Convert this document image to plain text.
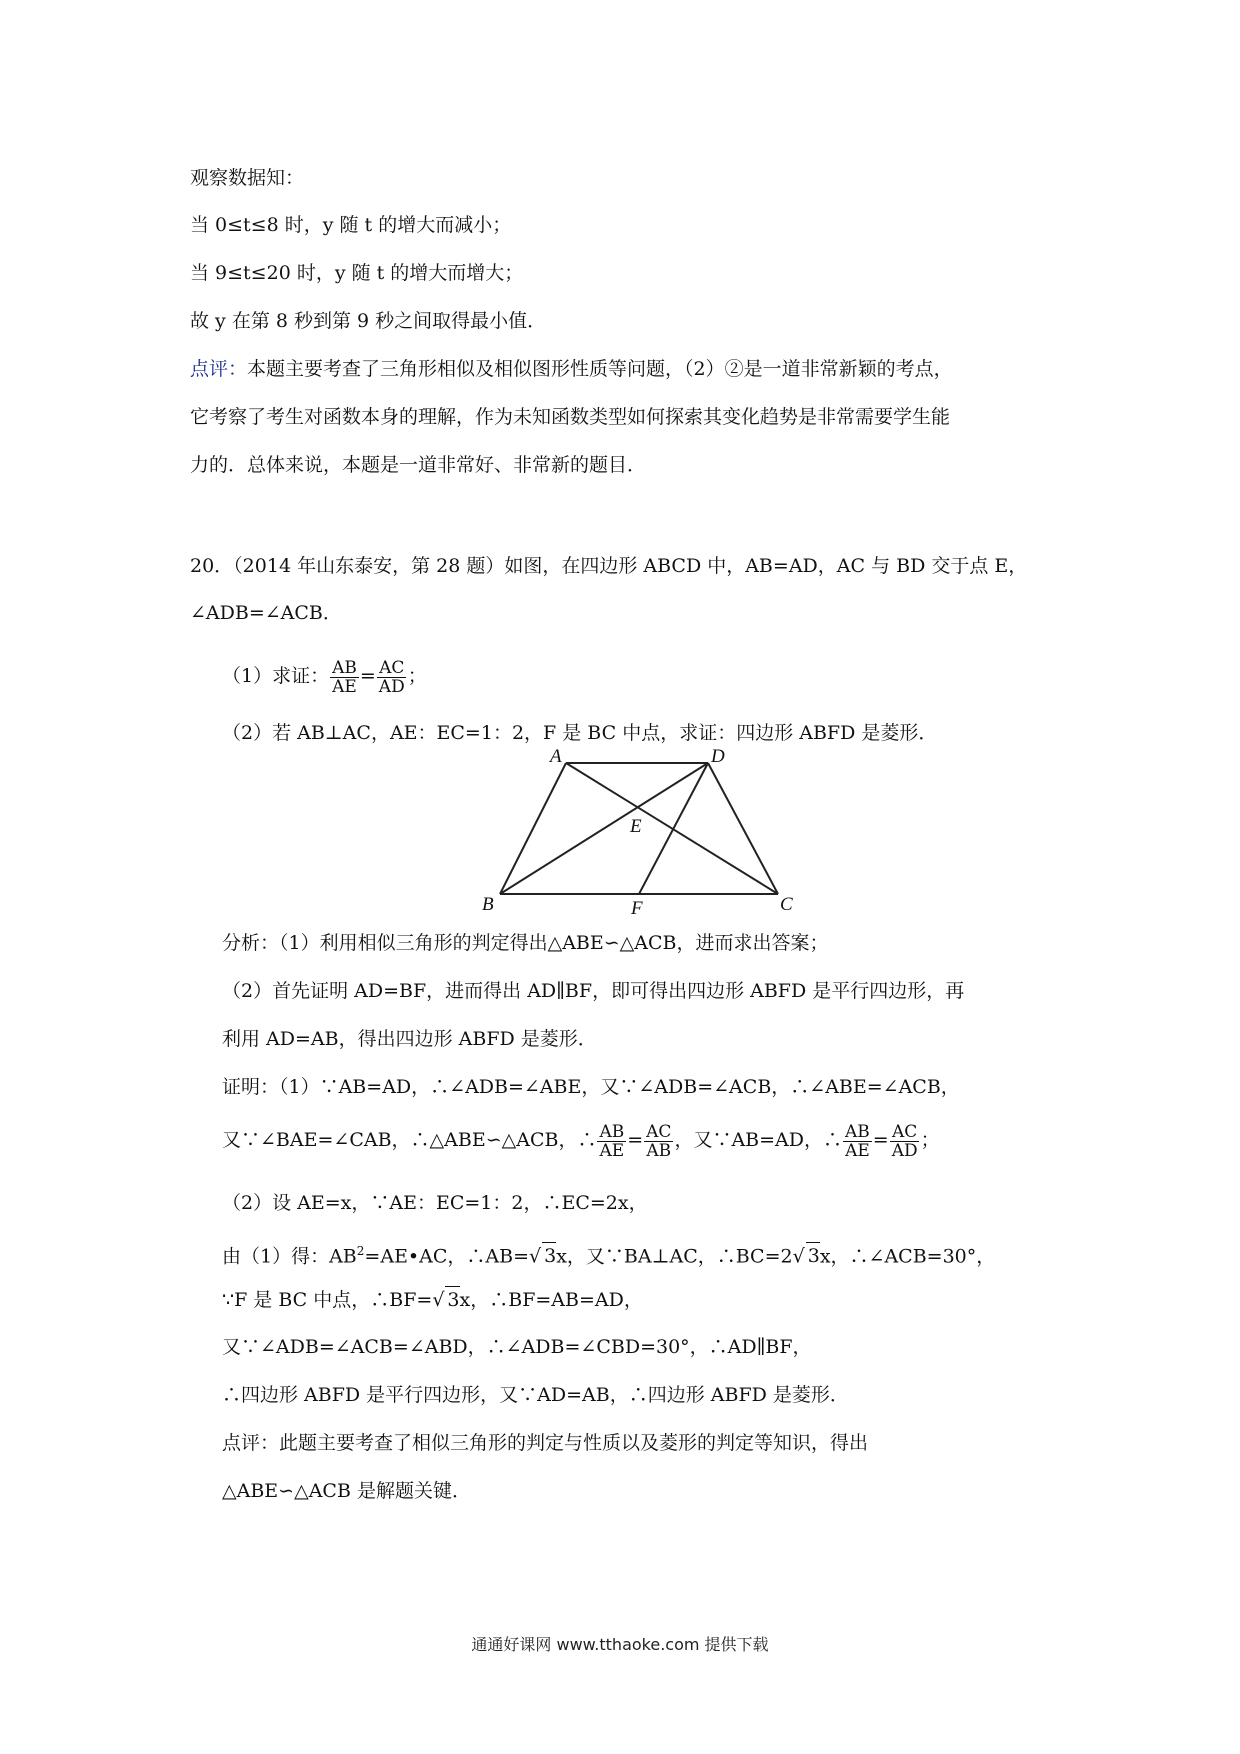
观察数据知：
当 0≤t≤8 时，y 随 t 的增大而减小；
当 9≤t≤20 时，y 随 t 的增大而增大；
故 y 在第 8 秒到第 9 秒之间取得最小值．
点评：本题主要考查了三角形相似及相似图形性质等问题，（2）②是一道非常新颖的考点，
它考察了考生对函数本身的理解，作为未知函数类型如何探索其变化趋势是非常需要学生能
力的．总体来说，本题是一道非常好、非常新的题目．
20．（2014 年山东泰安，第 28 题）如图，在四边形 ABCD 中，AB=AD，AC 与 BD 交于点 E，
∠ADB=∠ACB．
（1）求证： $\frac{AB}{AE} = \frac{AC}{AD}$ ；
（2）若 AB⊥AC，AE：EC=1：2，F 是 BC 中点，求证：四边形 ABFD 是菱形．
A	D
E
B	F	C
分析：（1）利用相似三角形的判定得出△ABE∽△ACB，进而求出答案；
（2）首先证明 AD=BF，进而得出 AD∥BF，即可得出四边形 ABFD 是平行四边形，再
利用 AD=AB，得出四边形 ABFD 是菱形．
证明：（1）∵AB=AD，∴∠ADB=∠ABE，又∵∠ADB=∠ACB，∴∠ABE=∠ACB，
又∵∠BAE=∠CAB，∴△ABE∽△ACB，∴ $\frac{AB}{AE} = \frac{AC}{AB}$ ，又∵AB=AD，∴ $\frac{AB}{AE} = \frac{AC}{AD}$ ；
（2）设 AE=x，∵AE：EC=1：2，∴EC=2x，
由（1）得：$AB^2=AE•AC$，∴AB=√ 3x，又∵BA⊥AC，∴BC=2√ 3x，∴∠ACB=30°，
∵F 是 BC 中点，∴BF=√ 3x，∴BF=AB=AD，
又∵∠ADB=∠ACB=∠ABD，∴∠ADB=∠CBD=30°，∴AD∥BF，
∴四边形 ABFD 是平行四边形，又∵AD=AB，∴四边形 ABFD 是菱形．
点评：此题主要考查了相似三角形的判定与性质以及菱形的判定等知识，得出
△ABE∽△ACB 是解题关键．
通通好课网 www.tthaoke.com 提供下载
